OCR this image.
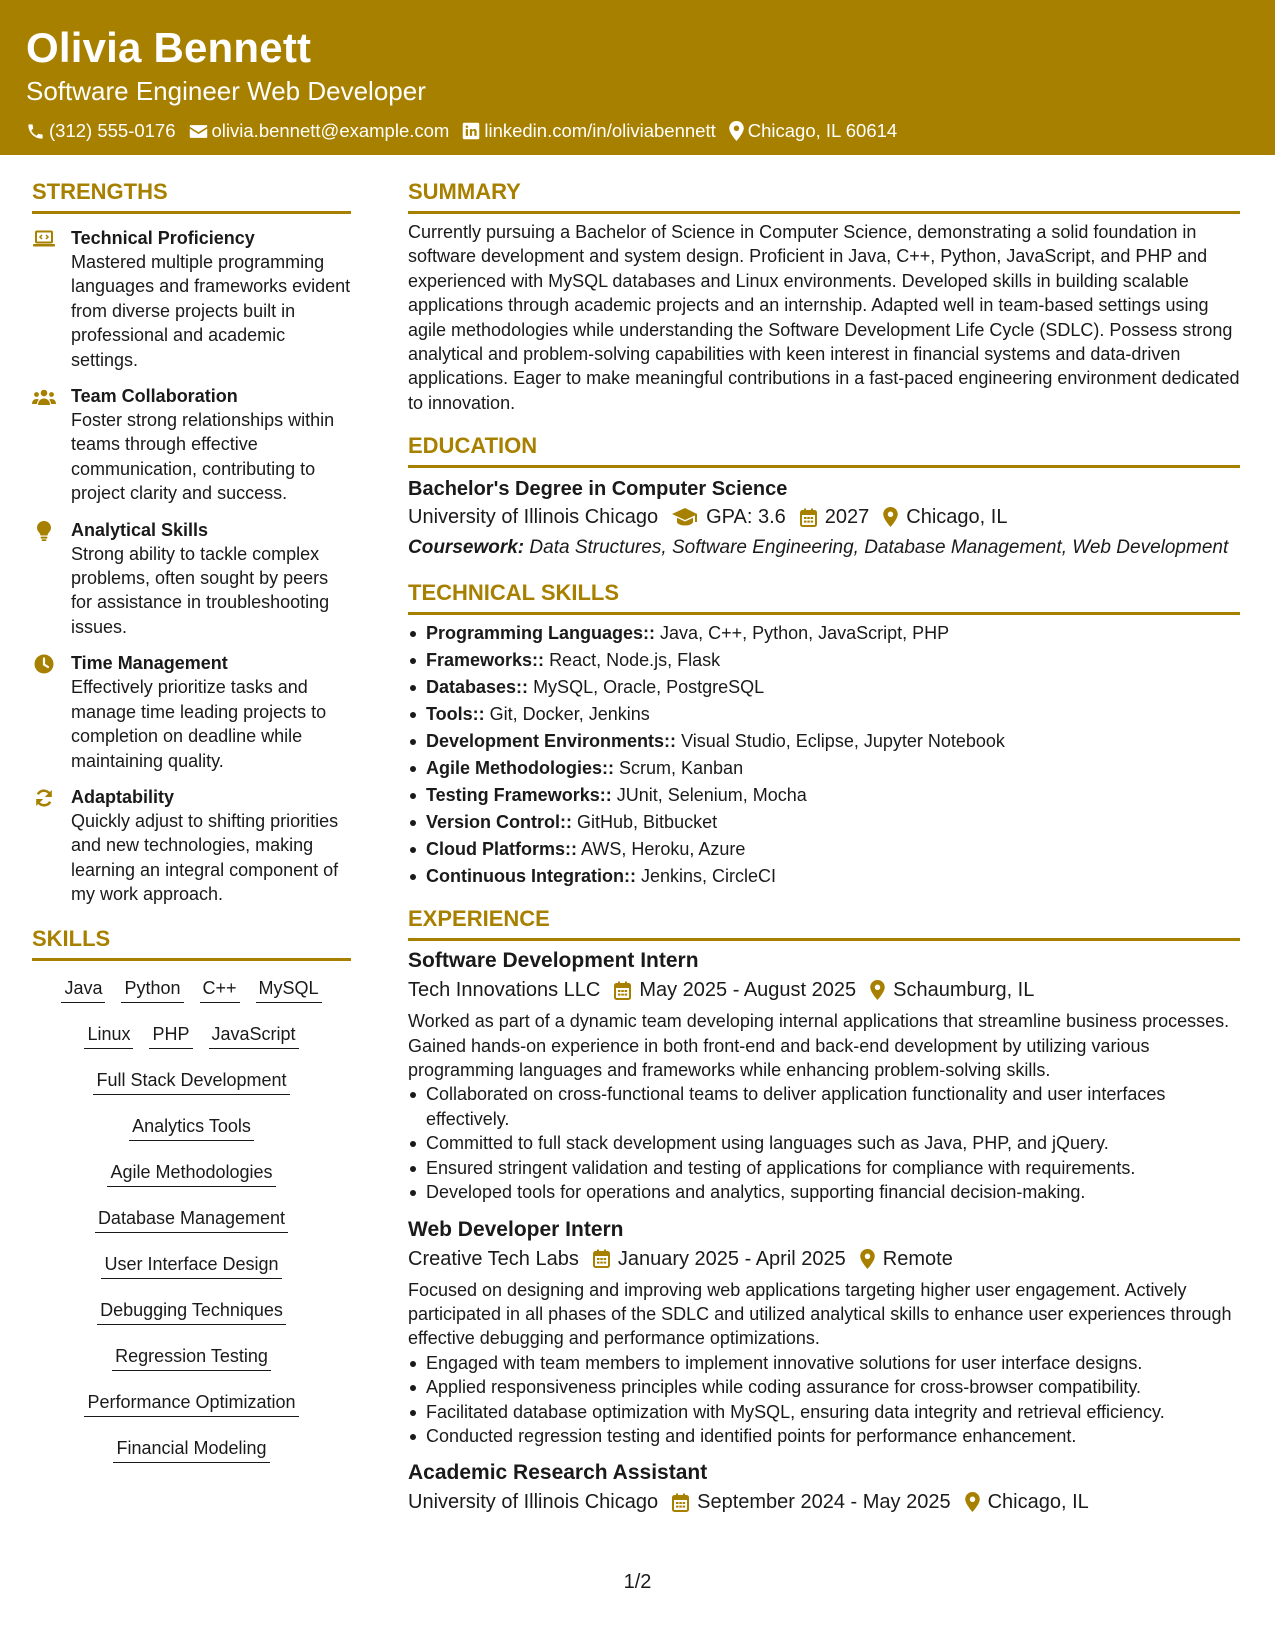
Olivia Bennett
Software Engineer Web Developer
(312) 555-0176 olivia.bennett@example.com linkedin.com/in/oliviabennett Chicago, IL 60614
STRENGTHS
Technical Proficiency
Mastered multiple programming languages and frameworks evident from diverse projects built in professional and academic settings.
Team Collaboration
Foster strong relationships within teams through effective communication, contributing to project clarity and success.
Analytical Skills
Strong ability to tackle complex problems, often sought by peers for assistance in troubleshooting issues.
Time Management
Effectively prioritize tasks and manage time leading projects to completion on deadline while maintaining quality.
Adaptability
Quickly adjust to shifting priorities and new technologies, making learning an integral component of my work approach.
SKILLS
Java Python C++ MySQL
Linux PHP JavaScript
Full Stack Development
Analytics Tools
Agile Methodologies
Database Management
User Interface Design
Debugging Techniques
Regression Testing
Performance Optimization
Financial Modeling
SUMMARY
Currently pursuing a Bachelor of Science in Computer Science, demonstrating a solid foundation in software development and system design. Proficient in Java, C++, Python, JavaScript, and PHP and experienced with MySQL databases and Linux environments. Developed skills in building scalable applications through academic projects and an internship. Adapted well in team-based settings using agile methodologies while understanding the Software Development Life Cycle (SDLC). Possess strong analytical and problem-solving capabilities with keen interest in financial systems and data-driven applications. Eager to make meaningful contributions in a fast-paced engineering environment dedicated to innovation.
EDUCATION
Bachelor's Degree in Computer Science
University of Illinois Chicago GPA: 3.6 2027 Chicago, IL
Coursework: Data Structures, Software Engineering, Database Management, Web Development
TECHNICAL SKILLS
Programming Languages:: Java, C++, Python, JavaScript, PHP
Frameworks:: React, Node.js, Flask
Databases:: MySQL, Oracle, PostgreSQL
Tools:: Git, Docker, Jenkins
Development Environments:: Visual Studio, Eclipse, Jupyter Notebook
Agile Methodologies:: Scrum, Kanban
Testing Frameworks:: JUnit, Selenium, Mocha
Version Control:: GitHub, Bitbucket
Cloud Platforms:: AWS, Heroku, Azure
Continuous Integration:: Jenkins, CircleCI
EXPERIENCE
Software Development Intern
Tech Innovations LLC May 2025 - August 2025 Schaumburg, IL
Worked as part of a dynamic team developing internal applications that streamline business processes. Gained hands-on experience in both front-end and back-end development by utilizing various programming languages and frameworks while enhancing problem-solving skills.
Collaborated on cross-functional teams to deliver application functionality and user interfaces effectively.
Committed to full stack development using languages such as Java, PHP, and jQuery.
Ensured stringent validation and testing of applications for compliance with requirements.
Developed tools for operations and analytics, supporting financial decision-making.
Web Developer Intern
Creative Tech Labs January 2025 - April 2025 Remote
Focused on designing and improving web applications targeting higher user engagement. Actively participated in all phases of the SDLC and utilized analytical skills to enhance user experiences through effective debugging and performance optimizations.
Engaged with team members to implement innovative solutions for user interface designs.
Applied responsiveness principles while coding assurance for cross-browser compatibility.
Facilitated database optimization with MySQL, ensuring data integrity and retrieval efficiency.
Conducted regression testing and identified points for performance enhancement.
Academic Research Assistant
University of Illinois Chicago September 2024 - May 2025 Chicago, IL
1/2
